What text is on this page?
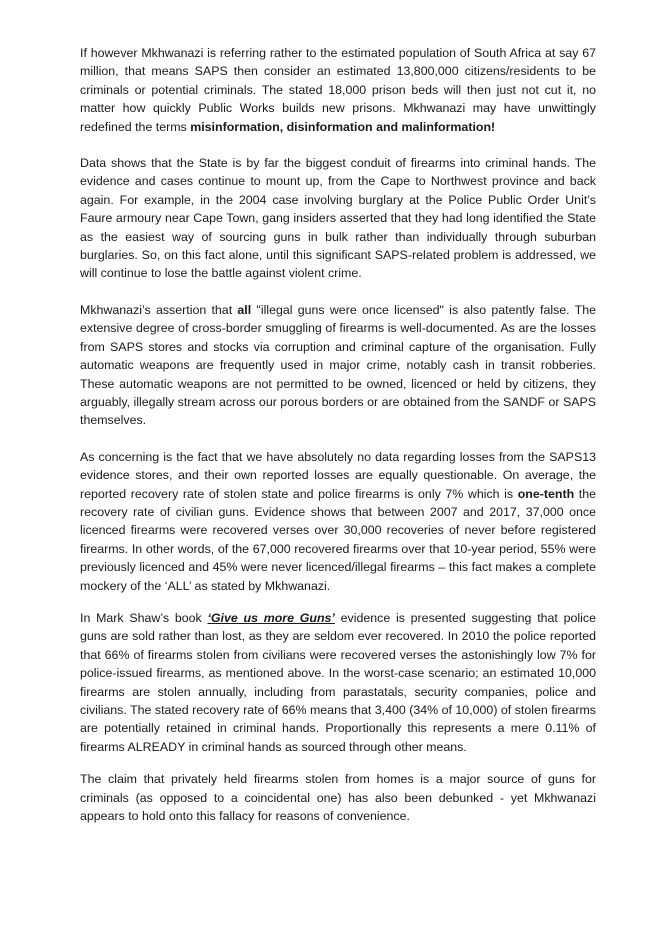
If however Mkhwanazi is referring rather to the estimated population of South Africa at say 67 million, that means SAPS then consider an estimated 13,800,000 citizens/residents to be criminals or potential criminals. The stated 18,000 prison beds will then just not cut it, no matter how quickly Public Works builds new prisons. Mkhwanazi may have unwittingly redefined the terms misinformation, disinformation and malinformation!

Data shows that the State is by far the biggest conduit of firearms into criminal hands. The evidence and cases continue to mount up, from the Cape to Northwest province and back again. For example, in the 2004 case involving burglary at the Police Public Order Unit’s Faure armoury near Cape Town, gang insiders asserted that they had long identified the State as the easiest way of sourcing guns in bulk rather than individually through suburban burglaries. So, on this fact alone, until this significant SAPS-related problem is addressed, we will continue to lose the battle against violent crime.

Mkhwanazi’s assertion that all "illegal guns were once licensed" is also patently false. The extensive degree of cross-border smuggling of firearms is well-documented. As are the losses from SAPS stores and stocks via corruption and criminal capture of the organisation. Fully automatic weapons are frequently used in major crime, notably cash in transit robberies. These automatic weapons are not permitted to be owned, licenced or held by citizens, they arguably, illegally stream across our porous borders or are obtained from the SANDF or SAPS themselves.

As concerning is the fact that we have absolutely no data regarding losses from the SAPS13 evidence stores, and their own reported losses are equally questionable. On average, the reported recovery rate of stolen state and police firearms is only 7% which is one-tenth the recovery rate of civilian guns. Evidence shows that between 2007 and 2017, 37,000 once licenced firearms were recovered verses over 30,000 recoveries of never before registered firearms. In other words, of the 67,000 recovered firearms over that 10-year period, 55% were previously licenced and 45% were never licenced/illegal firearms – this fact makes a complete mockery of the ‘ALL’ as stated by Mkhwanazi.

In Mark Shaw’s book ‘Give us more Guns’ evidence is presented suggesting that police guns are sold rather than lost, as they are seldom ever recovered. In 2010 the police reported that 66% of firearms stolen from civilians were recovered verses the astonishingly low 7% for police-issued firearms, as mentioned above. In the worst-case scenario; an estimated 10,000 firearms are stolen annually, including from parastatals, security companies, police and civilians. The stated recovery rate of 66% means that 3,400 (34% of 10,000) of stolen firearms are potentially retained in criminal hands. Proportionally this represents a mere 0.11% of firearms ALREADY in criminal hands as sourced through other means.

The claim that privately held firearms stolen from homes is a major source of guns for criminals (as opposed to a coincidental one) has also been debunked - yet Mkhwanazi appears to hold onto this fallacy for reasons of convenience.
